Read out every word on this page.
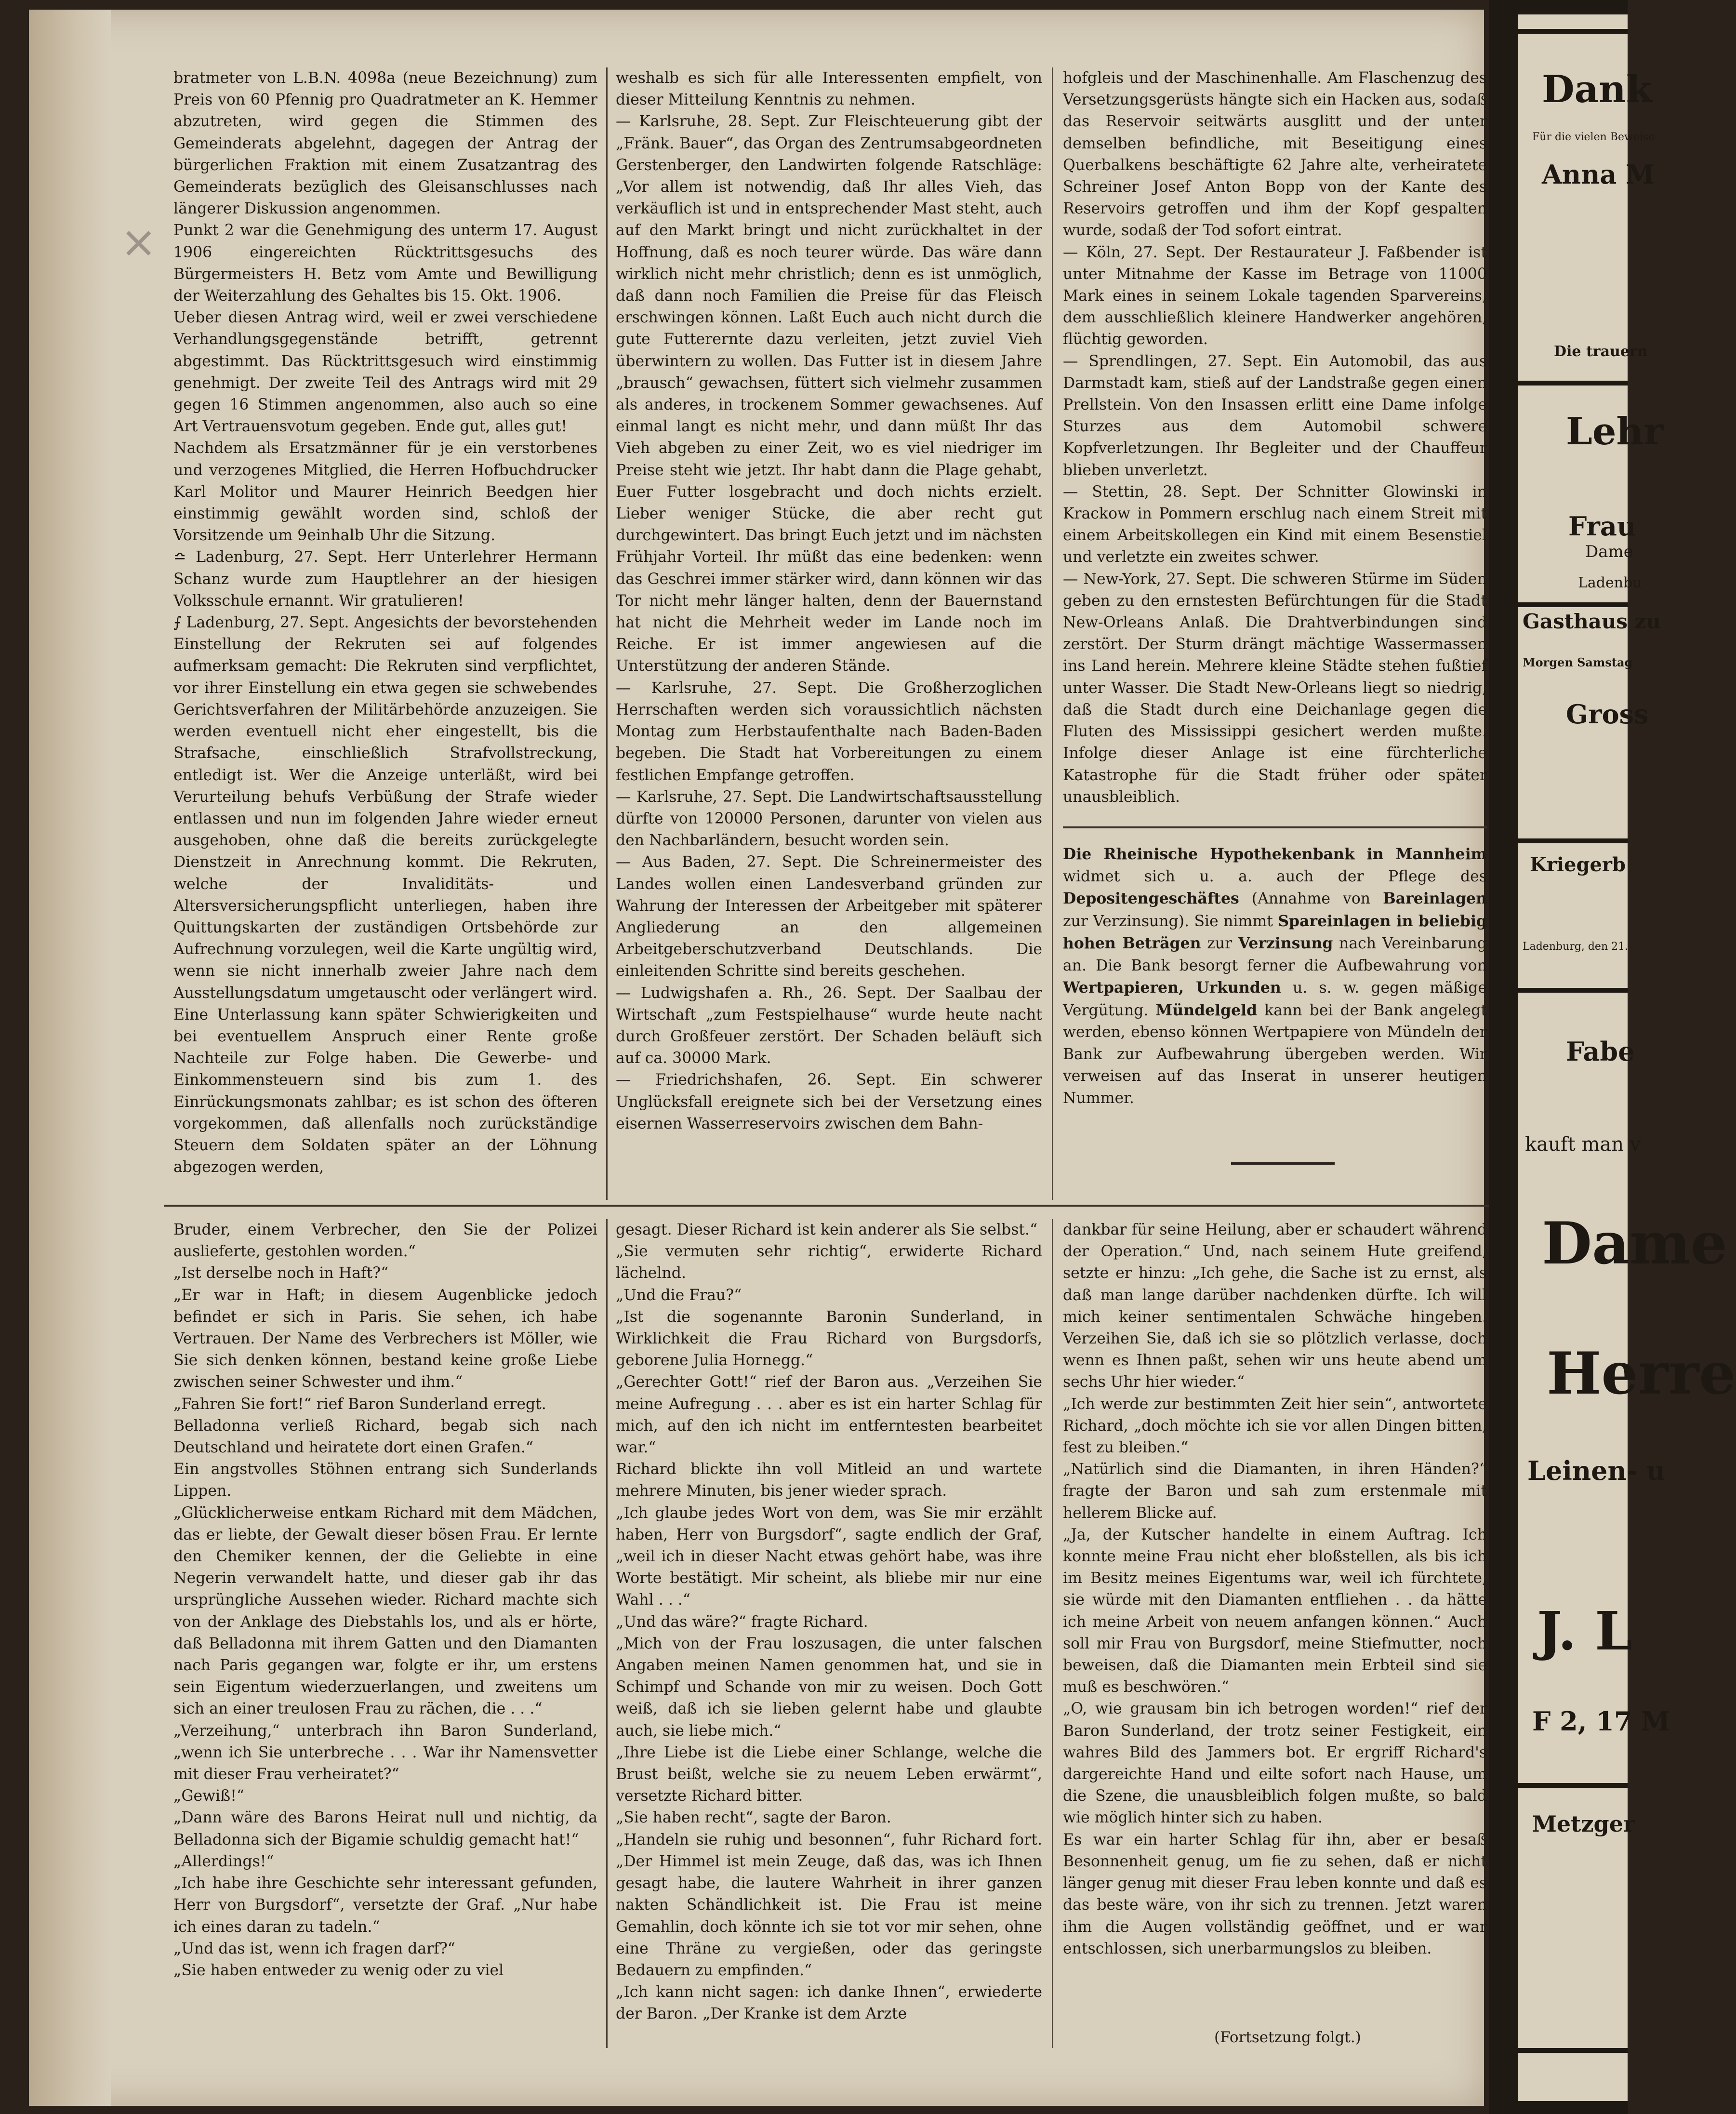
×
bratmeter von L.B.N. 4098a (neue Bezeichnung) zum Preis von 60 Pfennig pro Quadratmeter an K. Hemmer abzutreten, wird gegen die Stimmen des Gemeinderats abgelehnt, dagegen der Antrag der bürgerlichen Fraktion mit einem Zusatzantrag des Gemeinderats bezüglich des Gleisanschlusses nach längerer Diskussion angenommen.
Punkt 2 war die Genehmigung des unterm 17. August 1906 eingereichten Rücktrittsgesuchs des Bürgermeisters H. Betz vom Amte und Bewilligung der Weiterzahlung des Gehaltes bis 15. Okt. 1906.
Ueber diesen Antrag wird, weil er zwei verschiedene Verhandlungsgegenstände betrifft, getrennt abgestimmt. Das Rücktrittsgesuch wird einstimmig genehmigt. Der zweite Teil des Antrags wird mit 29 gegen 16 Stimmen angenommen, also auch so eine Art Vertrauensvotum gegeben. Ende gut, alles gut!
Nachdem als Ersatzmänner für je ein verstorbenes und verzogenes Mitglied, die Herren Hofbuchdrucker Karl Molitor und Maurer Heinrich Beedgen hier einstimmig gewählt worden sind, schloß der Vorsitzende um 9einhalb Uhr die Sitzung.
≏ Ladenburg, 27. Sept. Herr Unterlehrer Hermann Schanz wurde zum Hauptlehrer an der hiesigen Volksschule ernannt. Wir gratulieren!
⨍ Ladenburg, 27. Sept. Angesichts der bevorstehenden Einstellung der Rekruten sei auf folgendes aufmerksam gemacht: Die Rekruten sind verpflichtet, vor ihrer Einstellung ein etwa gegen sie schwebendes Gerichtsverfahren der Militärbehörde anzuzeigen. Sie werden eventuell nicht eher eingestellt, bis die Strafsache, einschließlich Strafvollstreckung, entledigt ist. Wer die Anzeige unterläßt, wird bei Verurteilung behufs Verbüßung der Strafe wieder entlassen und nun im folgenden Jahre wieder erneut ausgehoben, ohne daß die bereits zurückgelegte Dienstzeit in Anrechnung kommt. Die Rekruten, welche der Invaliditäts- und Altersversicherungspflicht unterliegen, haben ihre Quittungskarten der zuständigen Ortsbehörde zur Aufrechnung vorzulegen, weil die Karte ungültig wird, wenn sie nicht innerhalb zweier Jahre nach dem Ausstellungsdatum umgetauscht oder verlängert wird. Eine Unterlassung kann später Schwierigkeiten und bei eventuellem Anspruch einer Rente große Nachteile zur Folge haben. Die Gewerbe- und Einkommensteuern sind bis zum 1. des Einrückungsmonats zahlbar; es ist schon des öfteren vorgekommen, daß allenfalls noch zurückständige Steuern dem Soldaten später an der Löhnung abgezogen werden,
weshalb es sich für alle Interessenten empfielt, von dieser Mitteilung Kenntnis zu nehmen.
— Karlsruhe, 28. Sept. Zur Fleischteuerung gibt der „Fränk. Bauer“, das Organ des Zentrumsabgeordneten Gerstenberger, den Landwirten folgende Ratschläge: „Vor allem ist notwendig, daß Ihr alles Vieh, das verkäuflich ist und in entsprechender Mast steht, auch auf den Markt bringt und nicht zurückhaltet in der Hoffnung, daß es noch teurer würde. Das wäre dann wirklich nicht mehr christlich; denn es ist unmöglich, daß dann noch Familien die Preise für das Fleisch erschwingen können. Laßt Euch auch nicht durch die gute Futterernte dazu verleiten, jetzt zuviel Vieh überwintern zu wollen. Das Futter ist in diesem Jahre „brausch“ gewachsen, füttert sich vielmehr zusammen als anderes, in trockenem Sommer gewachsenes. Auf einmal langt es nicht mehr, und dann müßt Ihr das Vieh abgeben zu einer Zeit, wo es viel niedriger im Preise steht wie jetzt. Ihr habt dann die Plage gehabt, Euer Futter losgebracht und doch nichts erzielt. Lieber weniger Stücke, die aber recht gut durchgewintert. Das bringt Euch jetzt und im nächsten Frühjahr Vorteil. Ihr müßt das eine bedenken: wenn das Geschrei immer stärker wird, dann können wir das Tor nicht mehr länger halten, denn der Bauernstand hat nicht die Mehrheit weder im Lande noch im Reiche. Er ist immer angewiesen auf die Unterstützung der anderen Stände.
— Karlsruhe, 27. Sept. Die Großherzoglichen Herrschaften werden sich voraussichtlich nächsten Montag zum Herbstaufenthalte nach Baden-Baden begeben. Die Stadt hat Vorbereitungen zu einem festlichen Empfange getroffen.
— Karlsruhe, 27. Sept. Die Landwirtschaftsausstellung dürfte von 120000 Personen, darunter von vielen aus den Nachbarländern, besucht worden sein.
— Aus Baden, 27. Sept. Die Schreinermeister des Landes wollen einen Landesverband gründen zur Wahrung der Interessen der Arbeitgeber mit späterer Angliederung an den allgemeinen Arbeitgeberschutzverband Deutschlands. Die einleitenden Schritte sind bereits geschehen.
— Ludwigshafen a. Rh., 26. Sept. Der Saalbau der Wirtschaft „zum Festspielhause“ wurde heute nacht durch Großfeuer zerstört. Der Schaden beläuft sich auf ca. 30000 Mark.
— Friedrichshafen, 26. Sept. Ein schwerer Unglücksfall ereignete sich bei der Versetzung eines eisernen Wasserreservoirs zwischen dem Bahn-
hofgleis und der Maschinenhalle. Am Flaschenzug des Versetzungsgerüsts hängte sich ein Hacken aus, sodaß das Reservoir seitwärts ausglitt und der unter demselben befindliche, mit Beseitigung eines Querbalkens beschäftigte 62 Jahre alte, verheiratete Schreiner Josef Anton Bopp von der Kante des Reservoirs getroffen und ihm der Kopf gespalten wurde, sodaß der Tod sofort eintrat.
— Köln, 27. Sept. Der Restaurateur J. Faßbender ist unter Mitnahme der Kasse im Betrage von 11000 Mark eines in seinem Lokale tagenden Sparvereins, dem ausschließlich kleinere Handwerker angehören, flüchtig geworden.
— Sprendlingen, 27. Sept. Ein Automobil, das aus Darmstadt kam, stieß auf der Landstraße gegen einen Prellstein. Von den Insassen erlitt eine Dame infolge Sturzes aus dem Automobil schwere Kopfverletzungen. Ihr Begleiter und der Chauffeur blieben unverletzt.
— Stettin, 28. Sept. Der Schnitter Glowinski in Krackow in Pommern erschlug nach einem Streit mit einem Arbeitskollegen ein Kind mit einem Besenstiel und verletzte ein zweites schwer.
— New-York, 27. Sept. Die schweren Stürme im Süden geben zu den ernstesten Befürchtungen für die Stadt New-Orleans Anlaß. Die Drahtverbindungen sind zerstört. Der Sturm drängt mächtige Wassermassen ins Land herein. Mehrere kleine Städte stehen fußtief unter Wasser. Die Stadt New-Orleans liegt so niedrig, daß die Stadt durch eine Deichanlage gegen die Fluten des Mississippi gesichert werden mußte. Infolge dieser Anlage ist eine fürchterliche Katastrophe für die Stadt früher oder später unausbleiblich.
Die Rheinische Hypothekenbank in Mannheim widmet sich u. a. auch der Pflege des Depositengeschäftes (Annahme von Bareinlagen zur Verzinsung). Sie nimmt Spareinlagen in beliebig hohen Beträgen zur Verzinsung nach Vereinbarung an. Die Bank besorgt ferner die Aufbewahrung von Wertpapieren, Urkunden u. s. w. gegen mäßige Vergütung. Mündelgeld kann bei der Bank angelegt werden, ebenso können Wertpapiere von Mündeln der Bank zur Aufbewahrung übergeben werden. Wir verweisen auf das Inserat in unserer heutigen Nummer.
Bruder, einem Verbrecher, den Sie der Polizei auslieferte, gestohlen worden.“
„Ist derselbe noch in Haft?“
„Er war in Haft; in diesem Augenblicke jedoch befindet er sich in Paris. Sie sehen, ich habe Vertrauen. Der Name des Verbrechers ist Möller, wie Sie sich denken können, bestand keine große Liebe zwischen seiner Schwester und ihm.“
„Fahren Sie fort!“ rief Baron Sunderland erregt.
Belladonna verließ Richard, begab sich nach Deutschland und heiratete dort einen Grafen.“
Ein angstvolles Stöhnen entrang sich Sunderlands Lippen.
„Glücklicherweise entkam Richard mit dem Mädchen, das er liebte, der Gewalt dieser bösen Frau. Er lernte den Chemiker kennen, der die Geliebte in eine Negerin verwandelt hatte, und dieser gab ihr das ursprüngliche Aussehen wieder. Richard machte sich von der Anklage des Diebstahls los, und als er hörte, daß Belladonna mit ihrem Gatten und den Diamanten nach Paris gegangen war, folgte er ihr, um erstens sein Eigentum wiederzuerlangen, und zweitens um sich an einer treulosen Frau zu rächen, die . . .“
„Verzeihung,“ unterbrach ihn Baron Sunderland, „wenn ich Sie unterbreche . . . War ihr Namensvetter mit dieser Frau verheiratet?“
„Gewiß!“
„Dann wäre des Barons Heirat null und nichtig, da Belladonna sich der Bigamie schuldig gemacht hat!“
„Allerdings!“
„Ich habe ihre Geschichte sehr interessant gefunden, Herr von Burgsdorf“, versetzte der Graf. „Nur habe ich eines daran zu tadeln.“
„Und das ist, wenn ich fragen darf?“
„Sie haben entweder zu wenig oder zu viel
gesagt. Dieser Richard ist kein anderer als Sie selbst.“
„Sie vermuten sehr richtig“, erwiderte Richard lächelnd.
„Und die Frau?“
„Ist die sogenannte Baronin Sunderland, in Wirklichkeit die Frau Richard von Burgsdorfs, geborene Julia Hornegg.“
„Gerechter Gott!“ rief der Baron aus. „Verzeihen Sie meine Aufregung . . . aber es ist ein harter Schlag für mich, auf den ich nicht im entferntesten bearbeitet war.“
Richard blickte ihn voll Mitleid an und wartete mehrere Minuten, bis jener wieder sprach.
„Ich glaube jedes Wort von dem, was Sie mir erzählt haben, Herr von Burgsdorf“, sagte endlich der Graf, „weil ich in dieser Nacht etwas gehört habe, was ihre Worte bestätigt. Mir scheint, als bliebe mir nur eine Wahl . . .“
„Und das wäre?“ fragte Richard.
„Mich von der Frau loszusagen, die unter falschen Angaben meinen Namen genommen hat, und sie in Schimpf und Schande von mir zu weisen. Doch Gott weiß, daß ich sie lieben gelernt habe und glaubte auch, sie liebe mich.“
„Ihre Liebe ist die Liebe einer Schlange, welche die Brust beißt, welche sie zu neuem Leben erwärmt“, versetzte Richard bitter.
„Sie haben recht“, sagte der Baron.
„Handeln sie ruhig und besonnen“, fuhr Richard fort. „Der Himmel ist mein Zeuge, daß das, was ich Ihnen gesagt habe, die lautere Wahrheit in ihrer ganzen nakten Schändlichkeit ist. Die Frau ist meine Gemahlin, doch könnte ich sie tot vor mir sehen, ohne eine Thräne zu vergießen, oder das geringste Bedauern zu empfinden.“
„Ich kann nicht sagen: ich danke Ihnen“, erwiederte der Baron. „Der Kranke ist dem Arzte
dankbar für seine Heilung, aber er schaudert während der Operation.“ Und, nach seinem Hute greifend, setzte er hinzu: „Ich gehe, die Sache ist zu ernst, als daß man lange darüber nachdenken dürfte. Ich will mich keiner sentimentalen Schwäche hingeben. Verzeihen Sie, daß ich sie so plötzlich verlasse, doch wenn es Ihnen paßt, sehen wir uns heute abend um sechs Uhr hier wieder.“
„Ich werde zur bestimmten Zeit hier sein“, antwortete Richard, „doch möchte ich sie vor allen Dingen bitten, fest zu bleiben.“
„Natürlich sind die Diamanten, in ihren Händen?“ fragte der Baron und sah zum erstenmale mit hellerem Blicke auf.
„Ja, der Kutscher handelte in einem Auftrag. Ich konnte meine Frau nicht eher bloßstellen, als bis ich im Besitz meines Eigentums war, weil ich fürchtete, sie würde mit den Diamanten entfliehen . . da hätte ich meine Arbeit von neuem anfangen können.“ Auch soll mir Frau von Burgsdorf, meine Stiefmutter, noch beweisen, daß die Diamanten mein Erbteil sind sie muß es beschwören.“
„O, wie grausam bin ich betrogen worden!“ rief der Baron Sunderland, der trotz seiner Festigkeit, ein wahres Bild des Jammers bot. Er ergriff Richard's dargereichte Hand und eilte sofort nach Hause, um die Szene, die unausbleiblich folgen mußte, so bald wie möglich hinter sich zu haben.
Es war ein harter Schlag für ihn, aber er besaß Besonnenheit genug, um fie zu sehen, daß er nicht länger genug mit dieser Frau leben konnte und daß es das beste wäre, von ihr sich zu trennen. Jetzt waren ihm die Augen vollständig geöffnet, und er war entschlossen, sich unerbarmungslos zu bleiben.
(Fortsetzung folgt.)
Dank
Für die vielen Beweise
Anna M
Die trauern
Lehr
Frau
Dame
Ladenbu
Gasthaus zu
Morgen Samstag
Gross
Kriegerb
Ladenburg, den 21.
Fabe
kauft man v
Dame
Herre
Leinen- u
J. L
F 2, 17 M
Metzger
